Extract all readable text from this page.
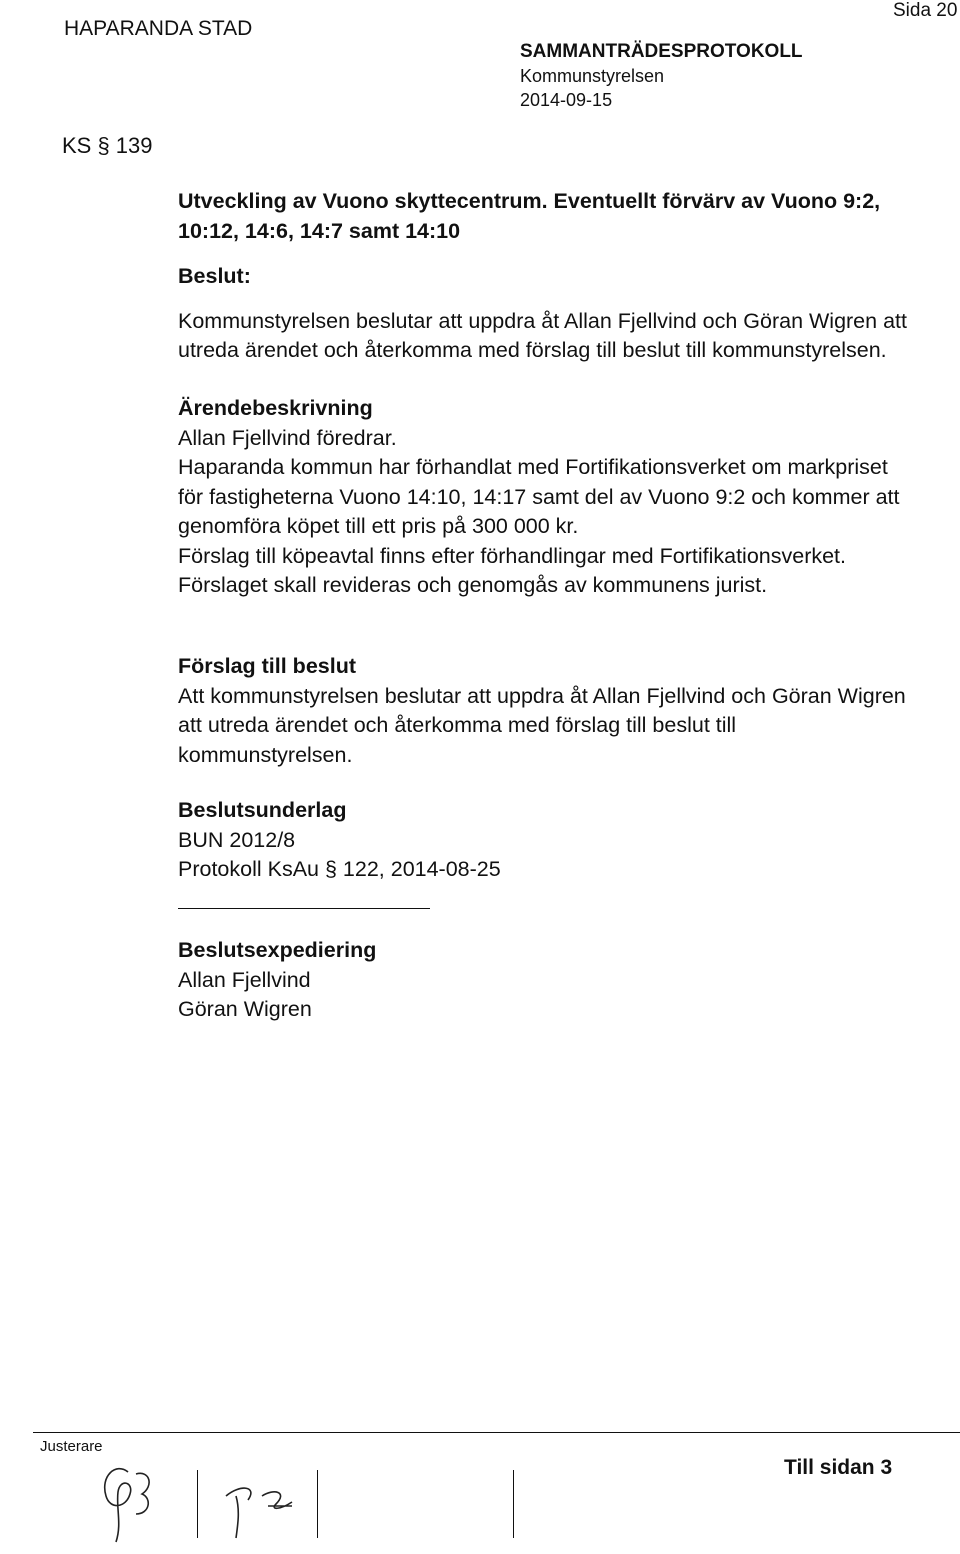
HAPARANDA STAD
Sida 20
SAMMANTRÄDESPROTOKOLL
Kommunstyrelsen
2014-09-15
KS § 139

Utveckling av Vuono skyttecentrum. Eventuellt förvärv av Vuono 9:2,

10:12, 14:6, 14:7 samt 14:10

Beslut:

Kommunstyrelsen beslutar att uppdra åt Allan Fjellvind och Göran Wigren att

utreda ärendet och återkomma med förslag till beslut till kommunstyrelsen.

Ärendebeskrivning

Allan Fjellvind föredrar.

Haparanda kommun har förhandlat med Fortifikationsverket om markpriset

för fastigheterna Vuono 14:10, 14:17 samt del av Vuono 9:2 och kommer att

genomföra köpet till ett pris på 300 000 kr.

Förslag till köpeavtal finns efter förhandlingar med Fortifikationsverket.

Förslaget skall revideras och genomgås av kommunens jurist.

Förslag till beslut

Att kommunstyrelsen beslutar att uppdra åt Allan Fjellvind och Göran Wigren

att utreda ärendet och återkomma med förslag till beslut till

kommunstyrelsen.

Beslutsunderlag

BUN 2012/8

Protokoll KsAu § 122, 2014-08-25

Beslutsexpediering

Allan Fjellvind

Göran Wigren

Justerare
Till sidan 3
